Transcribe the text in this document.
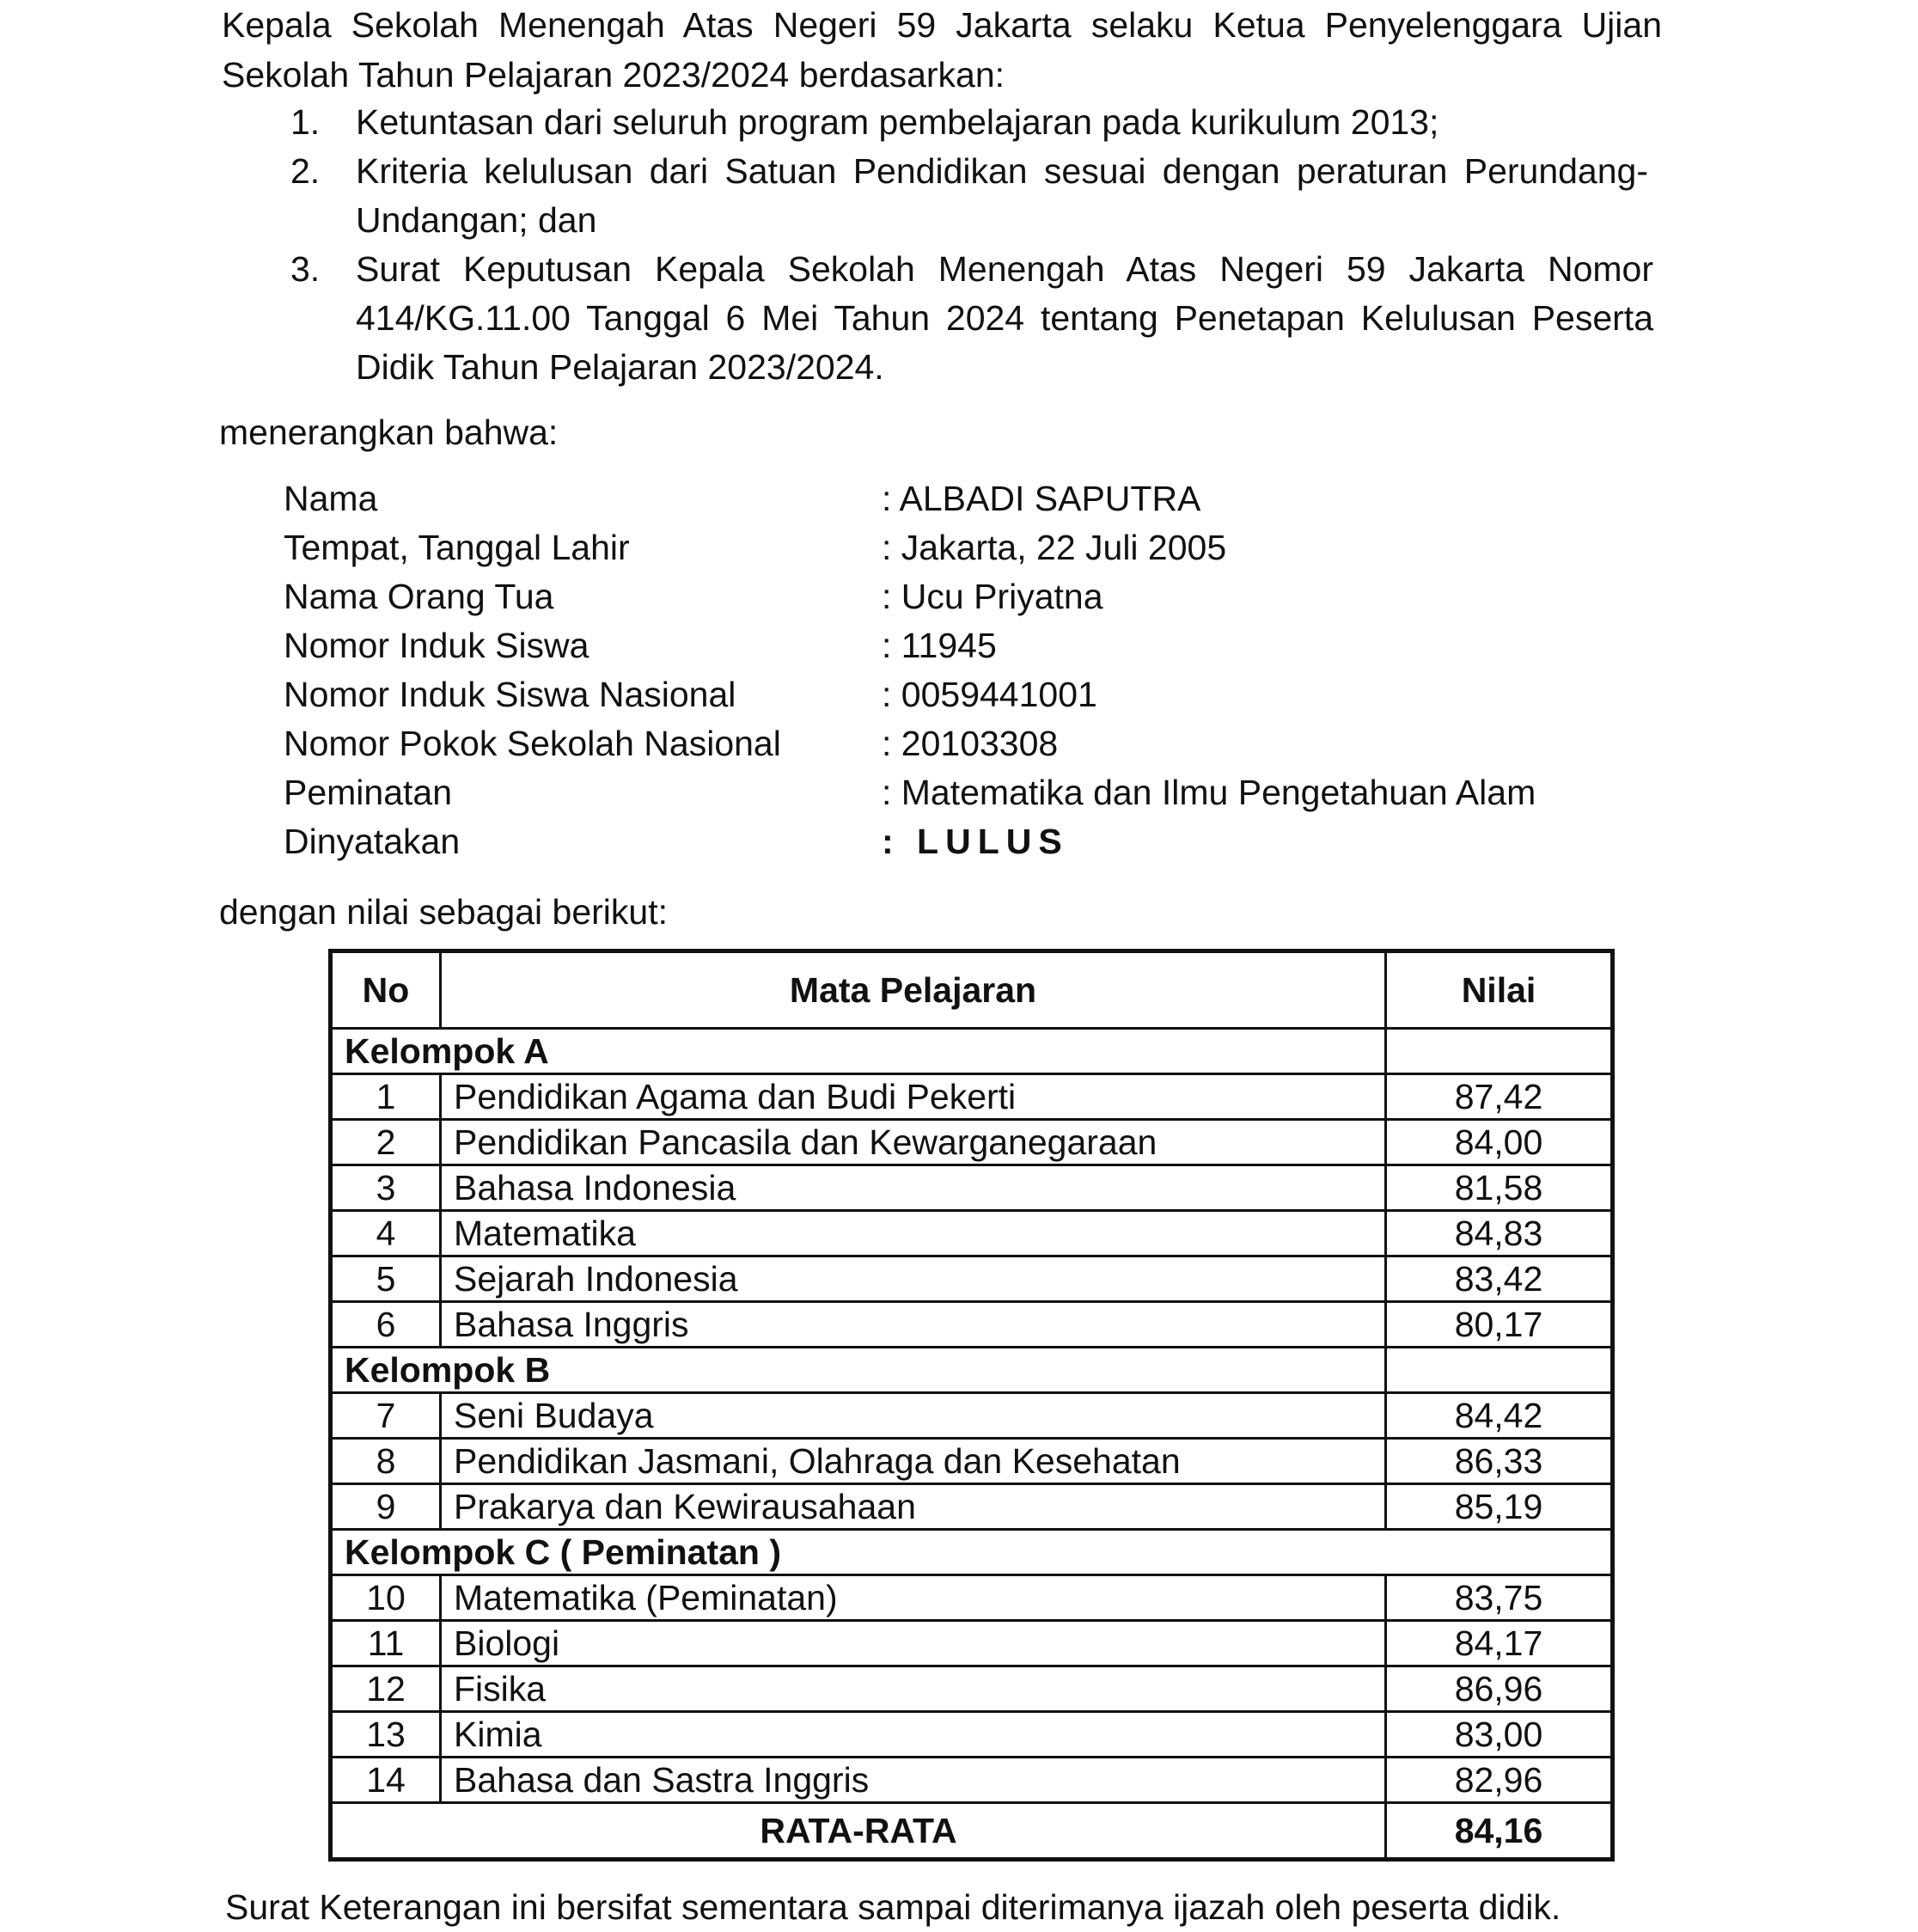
Kepala Sekolah Menengah Atas Negeri 59 Jakarta selaku Ketua Penyelenggara Ujian
Sekolah Tahun Pelajaran 2023/2024 berdasarkan:
1.	Ketuntasan dari seluruh program pembelajaran pada kurikulum 2013;
2.	Kriteria kelulusan dari Satuan Pendidikan sesuai dengan peraturan Perundang-Undangan; dan
3.	Surat Keputusan Kepala Sekolah Menengah Atas Negeri 59 Jakarta Nomor 414/KG.11.00 Tanggal 6 Mei Tahun 2024 tentang Penetapan Kelulusan Peserta Didik Tahun Pelajaran 2023/2024.
menerangkan bahwa:
Nama	: ALBADI SAPUTRA
Tempat, Tanggal Lahir	: Jakarta, 22 Juli 2005
Nama Orang Tua	: Ucu Priyatna
Nomor Induk Siswa	: 11945
Nomor Induk Siswa Nasional	: 0059441001
Nomor Pokok Sekolah Nasional	: 20103308
Peminatan	: Matematika dan Ilmu Pengetahuan Alam
Dinyatakan	: LULUS
dengan nilai sebagai berikut:
No	Mata Pelajaran	Nilai
Kelompok A		
1	Pendidikan Agama dan Budi Pekerti	87,42
2	Pendidikan Pancasila dan Kewarganegaraan	84,00
3	Bahasa Indonesia	81,58
4	Matematika	84,83
5	Sejarah Indonesia	83,42
6	Bahasa Inggris	80,17
Kelompok B		
7	Seni Budaya	84,42
8	Pendidikan Jasmani, Olahraga dan Kesehatan	86,33
9	Prakarya dan Kewirausahaan	85,19
Kelompok C ( Peminatan )		
10	Matematika (Peminatan)	83,75
11	Biologi	84,17
12	Fisika	86,96
13	Kimia	83,00
14	Bahasa dan Sastra Inggris	82,96
RATA-RATA		84,16
Surat Keterangan ini bersifat sementara sampai diterimanya ijazah oleh peserta didik.
